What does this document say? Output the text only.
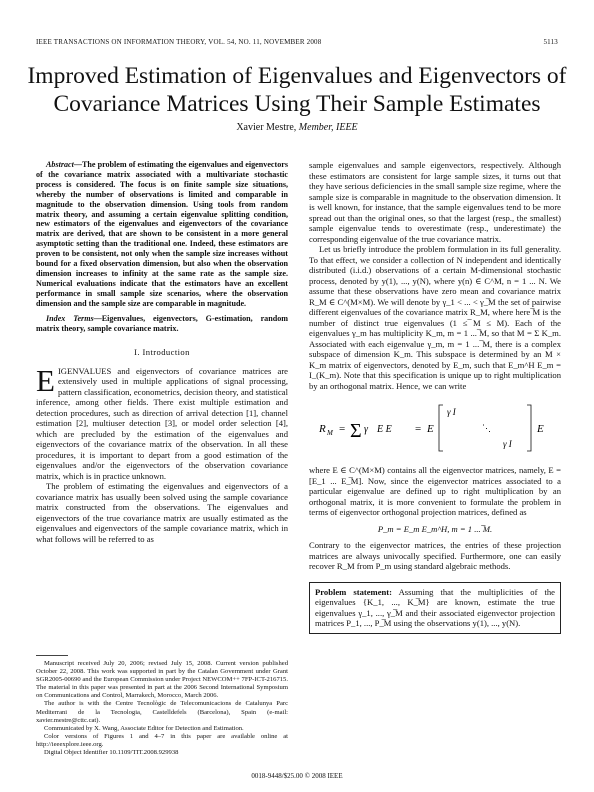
IEEE TRANSACTIONS ON INFORMATION THEORY, VOL. 54, NO. 11, NOVEMBER 2008	5113
Improved Estimation of Eigenvalues and Eigenvectors of Covariance Matrices Using Their Sample Estimates
Xavier Mestre, Member, IEEE

Abstract—The problem of estimating the eigenvalues and eigenvectors of the covariance matrix associated with a multivariate stochastic process is considered. The focus is on finite sample size situations, whereby the number of observations is limited and comparable in magnitude to the observation dimension. Using tools from random matrix theory, and assuming a certain eigenvalue splitting condition, new estimators of the eigenvalues and eigenvectors of the covariance matrix are derived, that are shown to be consistent in a more general asymptotic setting than the traditional one. Indeed, these estimators are proven to be consistent, not only when the sample size increases without bound for a fixed observation dimension, but also when the observation dimension increases to infinity at the same rate as the sample size. Numerical evaluations indicate that the estimators have an excellent performance in small sample size scenarios, where the observation dimension and the sample size are comparable in magnitude.

Index Terms—Eigenvalues, eigenvectors, G-estimation, random matrix theory, sample covariance matrix.

I. Introduction

EIGENVALUES and eigenvectors of covariance matrices are extensively used in multiple applications of signal processing, pattern classification, econometrics, decision theory, and statistical inference, among other fields. There exist multiple estimation and detection procedures, such as direction of arrival detection [1], channel estimation [2], multiuser detection [3], or model order selection [4], which are precluded by the estimation of the eigenvalues and eigenvectors of the covariance matrix of the observation. In all these procedures, it is important to depart from a good estimation of the eigenvalues and/or the eigenvectors of the observation covariance matrix, which is in practice unknown.

The problem of estimating the eigenvalues and eigenvectors of a covariance matrix has usually been solved using the sample covariance matrix constructed from the observations. The eigenvalues and eigenvectors of the true covariance matrix are usually estimated as the eigenvalues and eigenvectors of the sample covariance matrix, which in what follows will be referred to as

Manuscript received July 20, 2006; revised July 15, 2008. Current version published October 22, 2008. This work was supported in part by the Catalan Government under Grant SGR2005-00690 and the European Commission under Project NEWCOM++ 7FP-ICT-216715. The material in this paper was presented in part at the 2006 Second International Symposium on Communications and Control, Marrakech, Morocco, March 2006.

The author is with the Centre Tecnològic de Telecomunicacions de Catalunya Parc Mediterrani de la Tecnologia, Castelldefels (Barcelona), Spain (e-mail: xavier.mestre@cttc.cat).

Communicated by X. Wang, Associate Editor for Detection and Estimation.

Color versions of Figures 1 and 4–7 in this paper are available online at http://ieeexplore.ieee.org.

Digital Object Identifier 10.1109/TIT.2008.929938

sample eigenvalues and sample eigenvectors, respectively. Although these estimators are consistent for large sample sizes, it turns out that they have serious deficiencies in the small sample size regime, where the sample size is comparable in magnitude to the observation dimension. It is well known, for instance, that the sample eigenvalues tend to be more spread out than the original ones, so that the largest (resp., the smallest) sample eigenvalue tends to overestimate (resp., underestimate) the corresponding eigenvalue of the true covariance matrix.

Let us briefly introduce the problem formulation in its full generality. To that effect, we consider a collection of N independent and identically distributed (i.i.d.) observations of a certain M-dimensional stochastic process, denoted by y(1), ..., y(N), where y(n) ∈ C^M, n = 1 ... N. We assume that these observations have zero mean and covariance matrix R_M ∈ C^(M×M). We will denote by γ_1 < ... < γ_̅M the set of pairwise different eigenvalues of the covariance matrix R_M, where here ̅M is the number of distinct true eigenvalues (1 ≤ ̅M ≤ M). Each of the eigenvalues γ_m has multiplicity K_m, m = 1 ... ̅M, so that M = Σ K_m. Associated with each eigenvalue γ_m, m = 1 ... ̅M, there is a complex subspace of dimension K_m. This subspace is determined by an M × K_m matrix of eigenvectors, denoted by E_m, such that E_m^H E_m = I_(K_m). Note that this specification is unique up to right multiplication by an orthogonal matrix. Hence, we can write

R M = Σ γ E E = E
γ I
⋱
γ I
E

where E ∈ C^(M×M) contains all the eigenvector matrices, namely, E = [E_1 ... E_̅M]. Now, since the eigenvector matrices associated to a particular eigenvalue are defined up to right multiplication by an orthogonal matrix, it is more convenient to formulate the problem in terms of eigenvector orthogonal projection matrices, defined as

P_m = E_m E_m^H, m = 1 ... ̅M.

Contrary to the eigenvector matrices, the entries of these projection matrices are always univocally specified. Furthermore, one can easily recover R_M from P_m using standard algebraic methods.

Problem statement: Assuming that the multiplicities of the eigenvalues {K_1, ..., K_̅M} are known, estimate the true eigenvalues γ_1, ..., γ_̅M and their associated eigenvector projection matrices P_1, ..., P_̅M using the observations y(1), ..., y(N).
0018-9448/$25.00 © 2008 IEEE
